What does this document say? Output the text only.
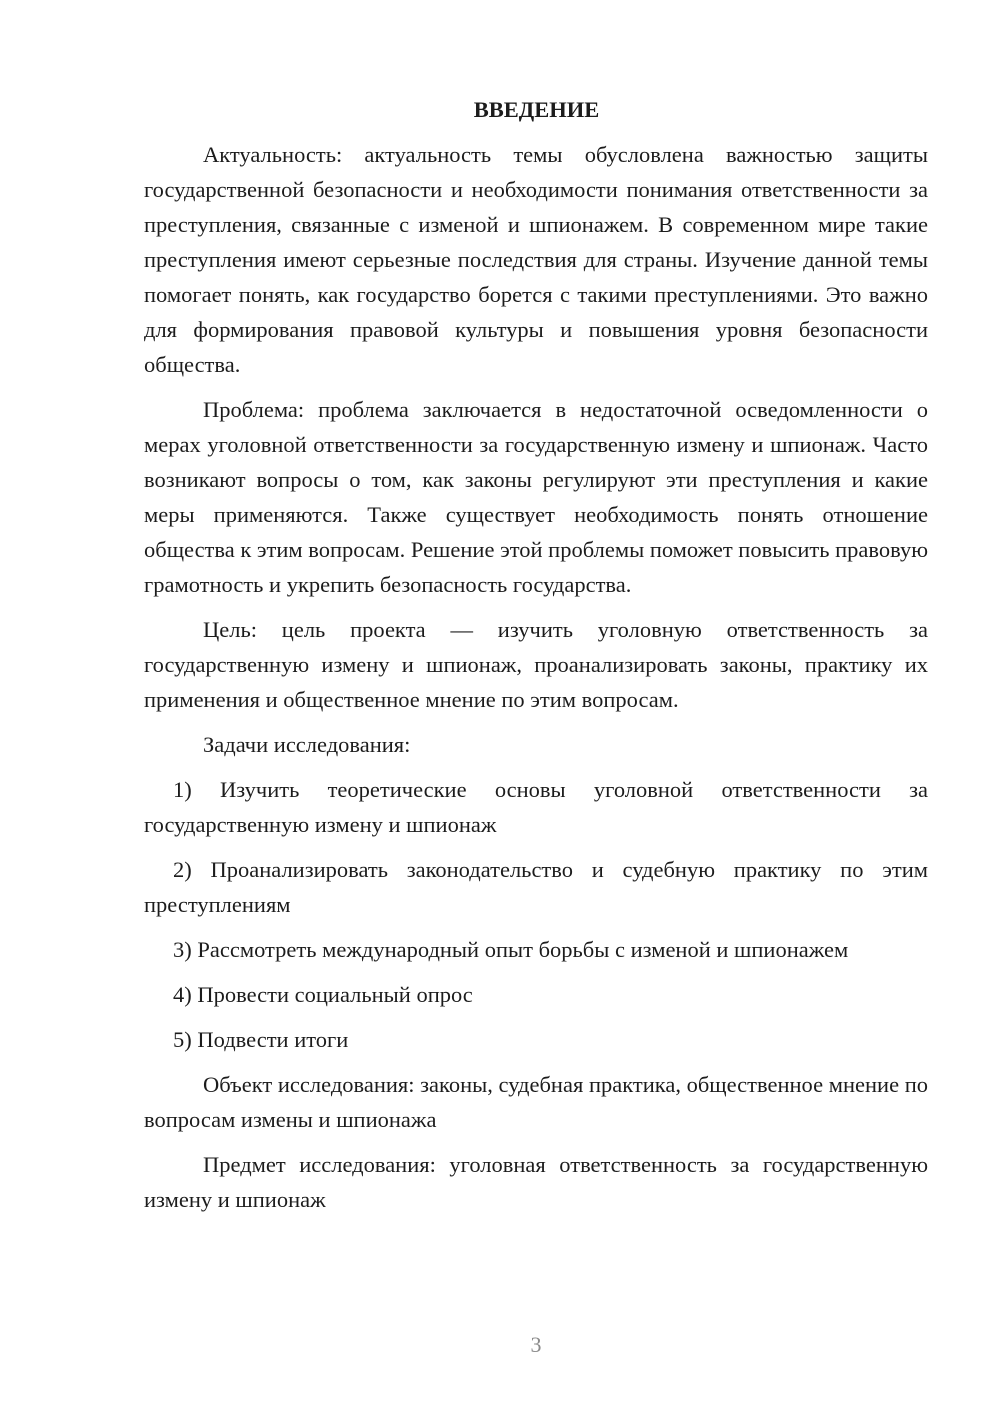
ВВЕДЕНИЕ

Актуальность: актуальность темы обусловлена важностью защиты государственной безопасности и необходимости понимания ответственности за преступления, связанные с изменой и шпионажем. В современном мире такие преступления имеют серьезные последствия для страны. Изучение данной темы помогает понять, как государство борется с такими преступлениями. Это важно для формирования правовой культуры и повышения уровня безопасности общества.

Проблема: проблема заключается в недостаточной осведомленности о мерах уголовной ответственности за государственную измену и шпионаж. Часто возникают вопросы о том, как законы регулируют эти преступления и какие меры применяются. Также существует необходимость понять отношение общества к этим вопросам. Решение этой проблемы поможет повысить правовую грамотность и укрепить безопасность государства.

Цель: цель проекта — изучить уголовную ответственность за государственную измену и шпионаж, проанализировать законы, практику их применения и общественное мнение по этим вопросам.

Задачи исследования:

1) Изучить теоретические основы уголовной ответственности за государственную измену и шпионаж

2) Проанализировать законодательство и судебную практику по этим преступлениям

3) Рассмотреть международный опыт борьбы с изменой и шпионажем

4) Провести социальный опрос

5) Подвести итоги

Объект исследования: законы, судебная практика, общественное мнение по вопросам измены и шпионажа

Предмет исследования: уголовная ответственность за государственную измену и шпионаж

3
